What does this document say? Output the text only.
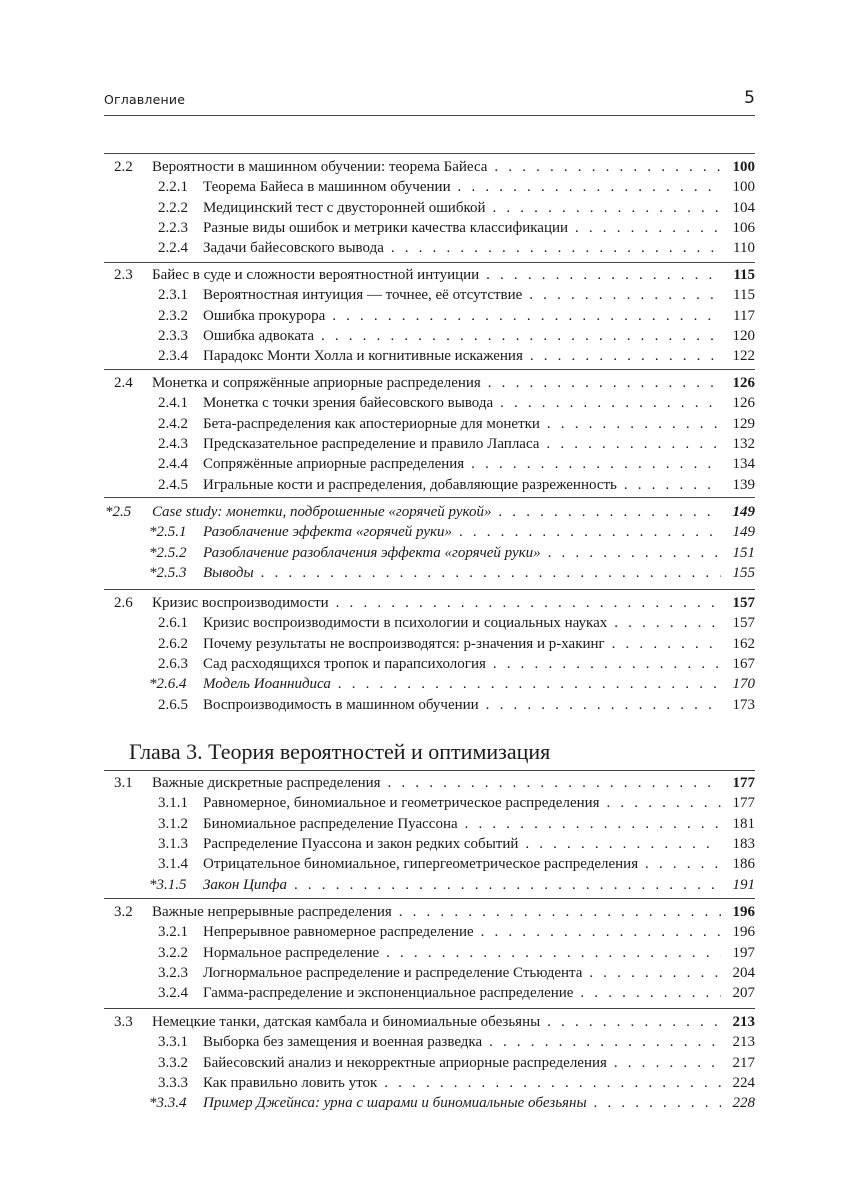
Оглавление	5
2.2 Вероятности в машинном обучении: теорема Байеса . . .	100
2.2.1 Теорема Байеса в машинном обучении . . .	100
2.2.2 Медицинский тест с двусторонней ошибкой . . .	104
2.2.3 Разные виды ошибок и метрики качества классификации . . .	106
2.2.4 Задачи байесовского вывода . . .	110
2.3 Байес в суде и сложности вероятностной интуиции . . .	115
2.3.1 Вероятностная интуиция — точнее, её отсутствие . . .	115
2.3.2 Ошибка прокурора . . .	117
2.3.3 Ошибка адвоката . . .	120
2.3.4 Парадокс Монти Холла и когнитивные искажения . . .	122
2.4 Монетка и сопряжённые априорные распределения . . .	126
2.4.1 Монетка с точки зрения байесовского вывода . . .	126
2.4.2 Бета-распределения как апостериорные для монетки . . .	129
2.4.3 Предсказательное распределение и правило Лапласа . . .	132
2.4.4 Сопряжённые априорные распределения . . .	134
2.4.5 Игральные кости и распределения, добавляющие разреженность . . .	139
*2.5 Case study: монетки, подброшенные «горячей рукой» . . .	149
*2.5.1 Разоблачение эффекта «горячей руки» . . .	149
*2.5.2 Разоблачение разоблачения эффекта «горячей руки» . . .	151
*2.5.3 Выводы . . .	155
2.6 Кризис воспроизводимости . . .	157
2.6.1 Кризис воспроизводимости в психологии и социальных науках . . .	157
2.6.2 Почему результаты не воспроизводятся: p-значения и p-хакинг . . .	162
2.6.3 Сад расходящихся тропок и парапсихология . . .	167
*2.6.4 Модель Иоаннидиса . . .	170
2.6.5 Воспроизводимость в машинном обучении . . .	173
3.1 Важные дискретные распределения . . .	177
3.1.1 Равномерное, биномиальное и геометрическое распределения . . .	177
3.1.2 Биномиальное распределение Пуассона . . .	181
3.1.3 Распределение Пуассона и закон редких событий . . .	183
3.1.4 Отрицательное биномиальное, гипергеометрическое распределения . . .	186
*3.1.5 Закон Ципфа . . .	191
3.2 Важные непрерывные распределения . . .	196
3.2.1 Непрерывное равномерное распределение . . .	196
3.2.2 Нормальное распределение . . .	197
3.2.3 Логнормальное распределение и распределение Стьюдента . . .	204
3.2.4 Гамма-распределение и экспоненциальное распределение . . .	207
3.3 Немецкие танки, датская камбала и биномиальные обезьяны . . .	213
3.3.1 Выборка без замещения и военная разведка . . .	213
3.3.2 Байесовский анализ и некорректные априорные распределения . . .	217
3.3.3 Как правильно ловить уток . . .	224
*3.3.4 Пример Джейнса: урна с шарами и биномиальные обезьяны . . .	228
Глава 3. Теория вероятностей и оптимизация
